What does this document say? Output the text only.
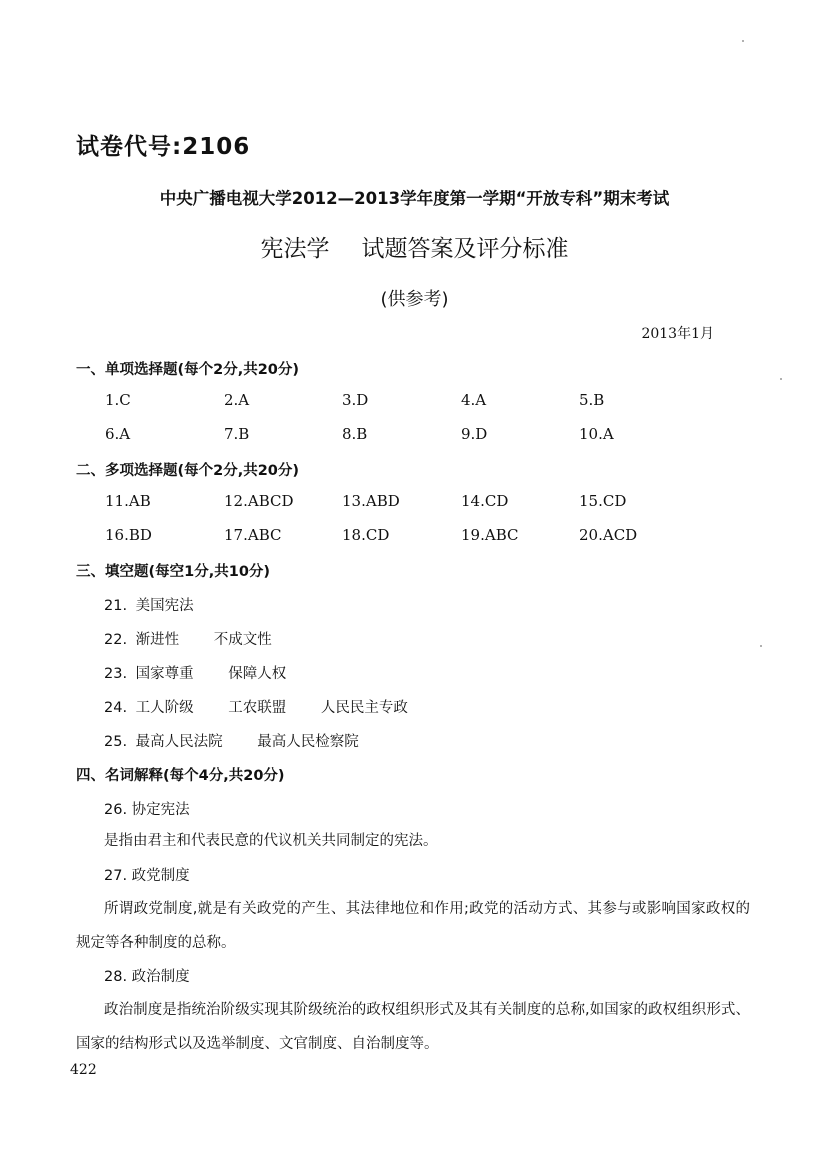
试卷代号:2106
中央广播电视大学2012—2013学年度第一学期“开放专科”期末考试
宪法学 试题答案及评分标准
(供参考)
2013年1月
一、单项选择题(每个2分,共20分)
1.C	2.A	3.D	4.A	5.B
6.A	7.B	8.B	9.D	10.A
二、多项选择题(每个2分,共20分)
11.AB	12.ABCD	13.ABD	14.CD	15.CD
16.BD	17.ABC	18.CD	19.ABC	20.ACD
三、填空题(每空1分,共10分)
21. 美国宪法
22. 渐进性 不成文性
23. 国家尊重 保障人权
24. 工人阶级 工农联盟 人民民主专政
25. 最高人民法院 最高人民检察院
四、名词解释(每个4分,共20分)
26. 协定宪法
是指由君主和代表民意的代议机关共同制定的宪法。
27. 政党制度
所谓政党制度,就是有关政党的产生、其法律地位和作用;政党的活动方式、其参与或影响国家政权的规定等各种制度的总称。
28. 政治制度
政治制度是指统治阶级实现其阶级统治的政权组织形式及其有关制度的总称,如国家的政权组织形式、国家的结构形式以及选举制度、文官制度、自治制度等。
422
